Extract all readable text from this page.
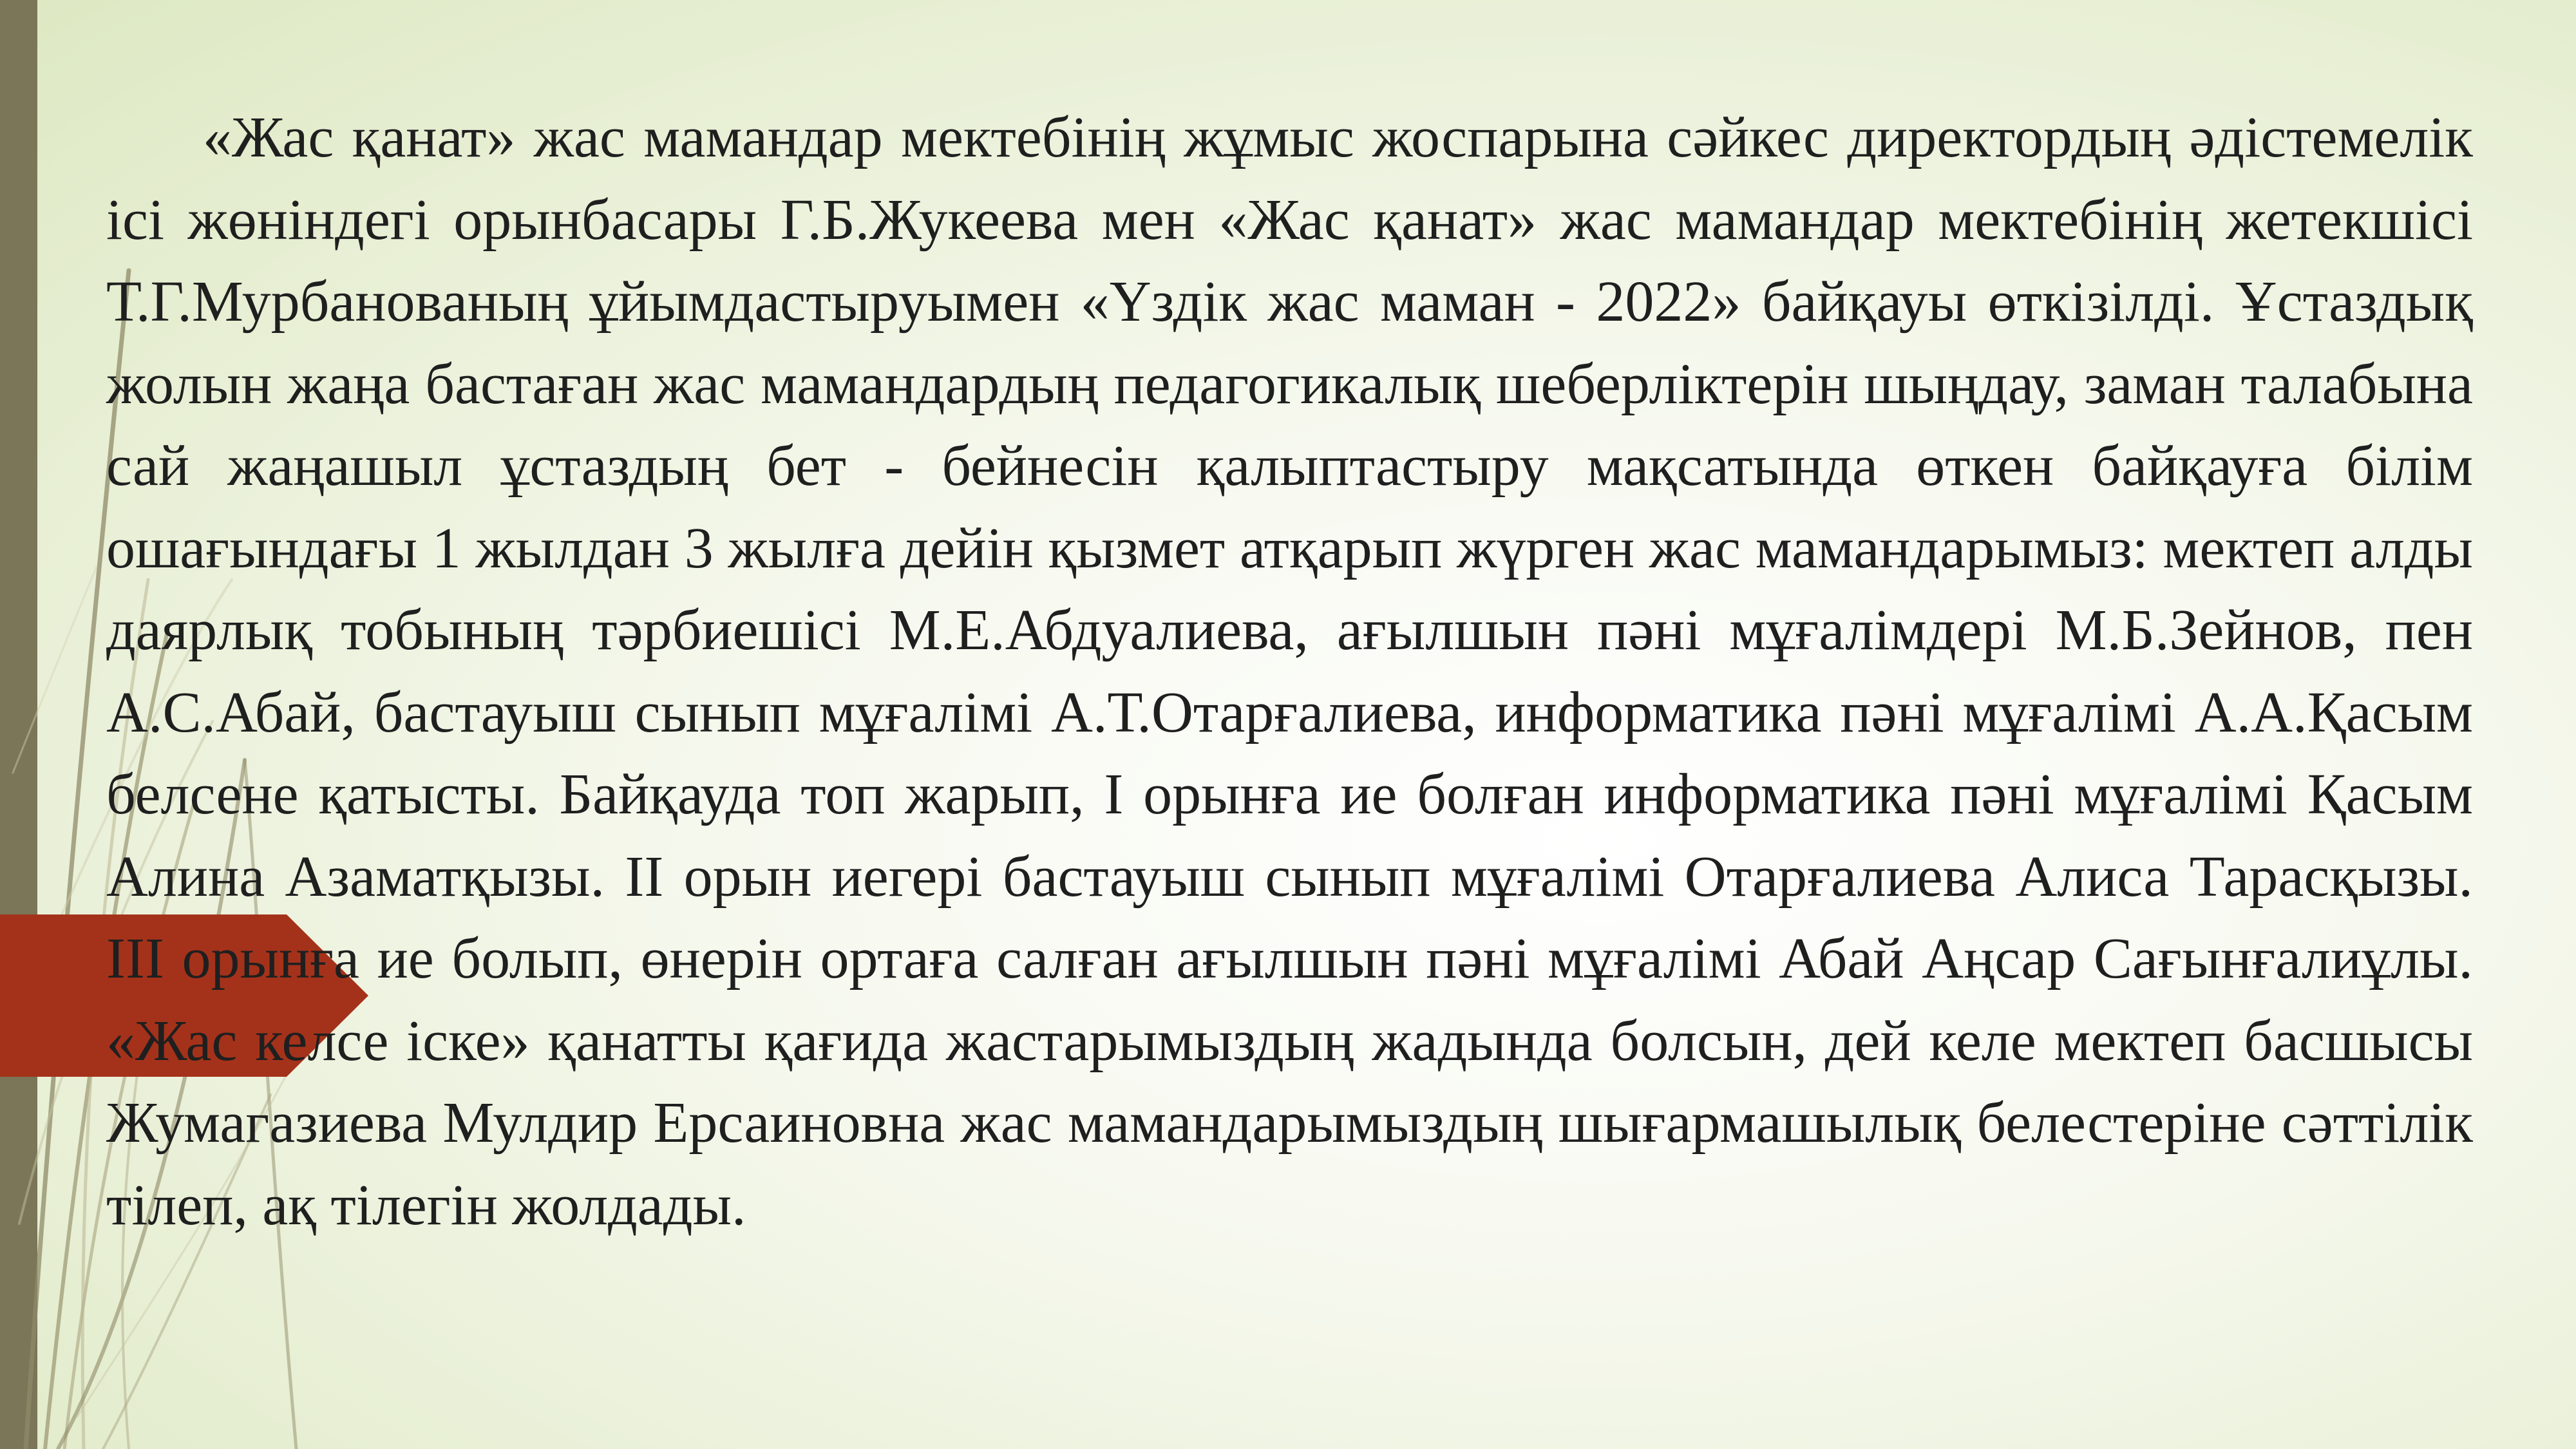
«Жас қанат» жас мамандар мектебінің жұмыс жоспарына сәйкес директордың әдістемелік ісі жөніндегі орынбасары Г.Б.Жукеева мен «Жас қанат» жас мамандар мектебінің жетекшісі Т.Г.Мурбанованың ұйымдастыруымен «Үздік жас маман - 2022» байқауы өткізілді. Ұстаздық жолын жаңа бастаған жас мамандардың педагогикалық шеберліктерін шыңдау, заман талабына сай жаңашыл ұстаздың бет - бейнесін қалыптастыру мақсатында өткен байқауға білім ошағындағы 1 жылдан 3 жылға дейін қызмет атқарып жүрген жас мамандарымыз: мектеп алды даярлық тобының тәрбиешісі М.Е.Абдуалиева, ағылшын пәні мұғалімдері М.Б.Зейнов, пен А.С.Абай, бастауыш сынып мұғалімі А.Т.Отарғалиева, информатика пәні мұғалімі А.А.Қасым белсене қатысты. Байқауда топ жарып, І орынға ие болған информатика пәні мұғалімі Қасым Алина Азаматқызы. ІІ орын иегері бастауыш сынып мұғалімі Отарғалиева Алиса Тарасқызы. ІІІ орынға ие болып, өнерін ортаға салған ағылшын пәні мұғалімі Абай Аңсар Сағынғалиұлы. «Жас келсе іске» қанатты қағида жастарымыздың жадында болсын, дей келе мектеп басшысы Жумагазиева Мулдир Ерсаиновна жас мамандарымыздың шығармашылық белестеріне сәттілік тілеп, ақ тілегін жолдады.
